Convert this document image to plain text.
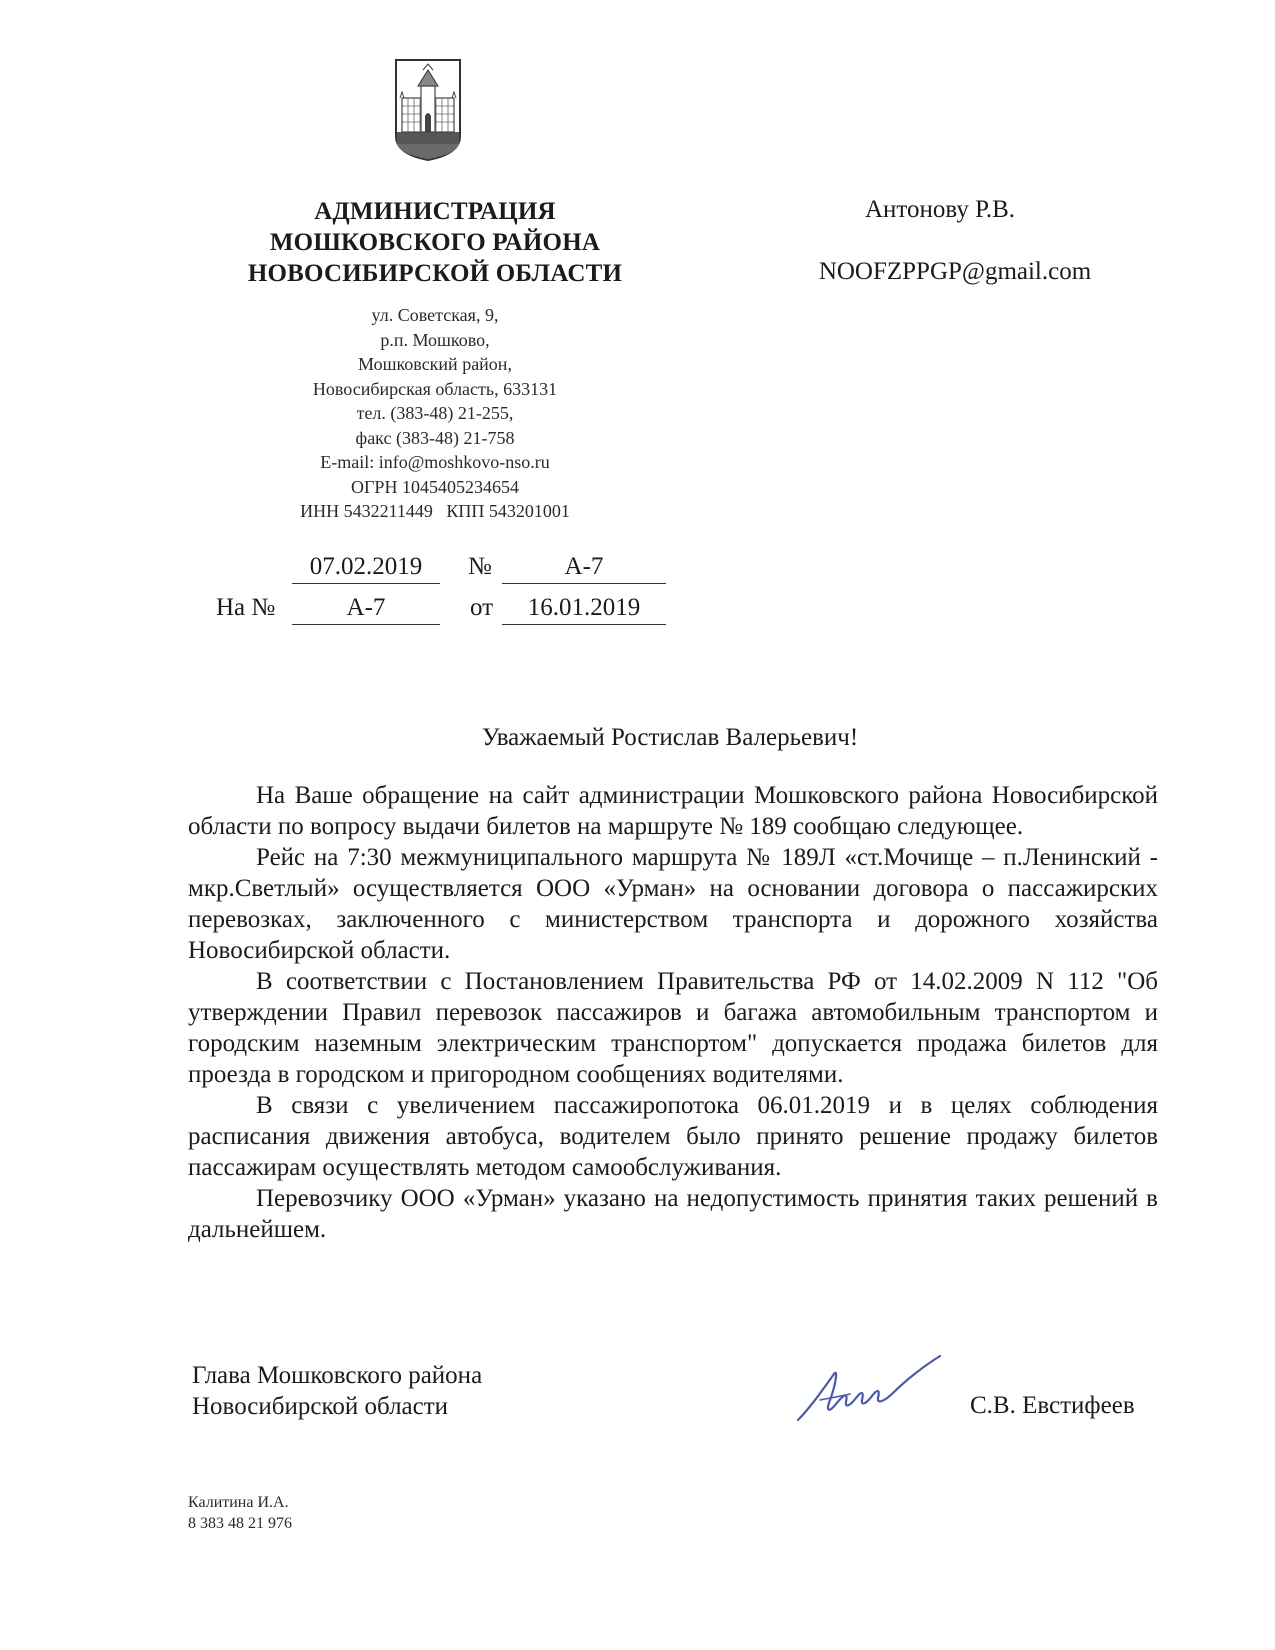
АДМИНИСТРАЦИЯ
МОШКОВСКОГО РАЙОНА
НОВОСИБИРСКОЙ ОБЛАСТИ
ул. Советская, 9,
р.п. Мошково,
Мошковский район,
Новосибирская область, 633131
тел. (383-48) 21-255,
факс (383-48) 21-758
E-mail: info@moshkovo-nso.ru
ОГРН 1045405234654
ИНН 5432211449   КПП 543201001
Антонову Р.В.
NOOFZPPGP@gmail.com
07.02.2019	№	А-7
На №	А-7	от	16.01.2019
Уважаемый Ростислав Валерьевич!

На Ваше обращение на сайт администрации Мошковского района Новосибирской области по вопросу выдачи билетов на маршруте № 189 сообщаю следующее.

Рейс на 7:30 межмуниципального маршрута № 189Л «ст.Мочище – п.Ленинский - мкр.Светлый» осуществляется ООО «Урман» на основании договора о пассажирских перевозках, заключенного с министерством транспорта и дорожного хозяйства Новосибирской области.

В соответствии с Постановлением Правительства РФ от 14.02.2009 N 112 "Об утверждении Правил перевозок пассажиров и багажа автомобильным транспортом и городским наземным электрическим транспортом" допускается продажа билетов для проезда в городском и пригородном сообщениях водителями.

В связи с увеличением пассажиропотока 06.01.2019 и в целях соблюдения расписания движения автобуса, водителем было принято решение продажу билетов пассажирам осуществлять методом самообслуживания.

Перевозчику ООО «Урман» указано на недопустимость принятия таких решений в дальнейшем.

Глава Мошковского района
Новосибирской области	С.В. Евстифеев
Калитина И.А.
8 383 48 21 976
